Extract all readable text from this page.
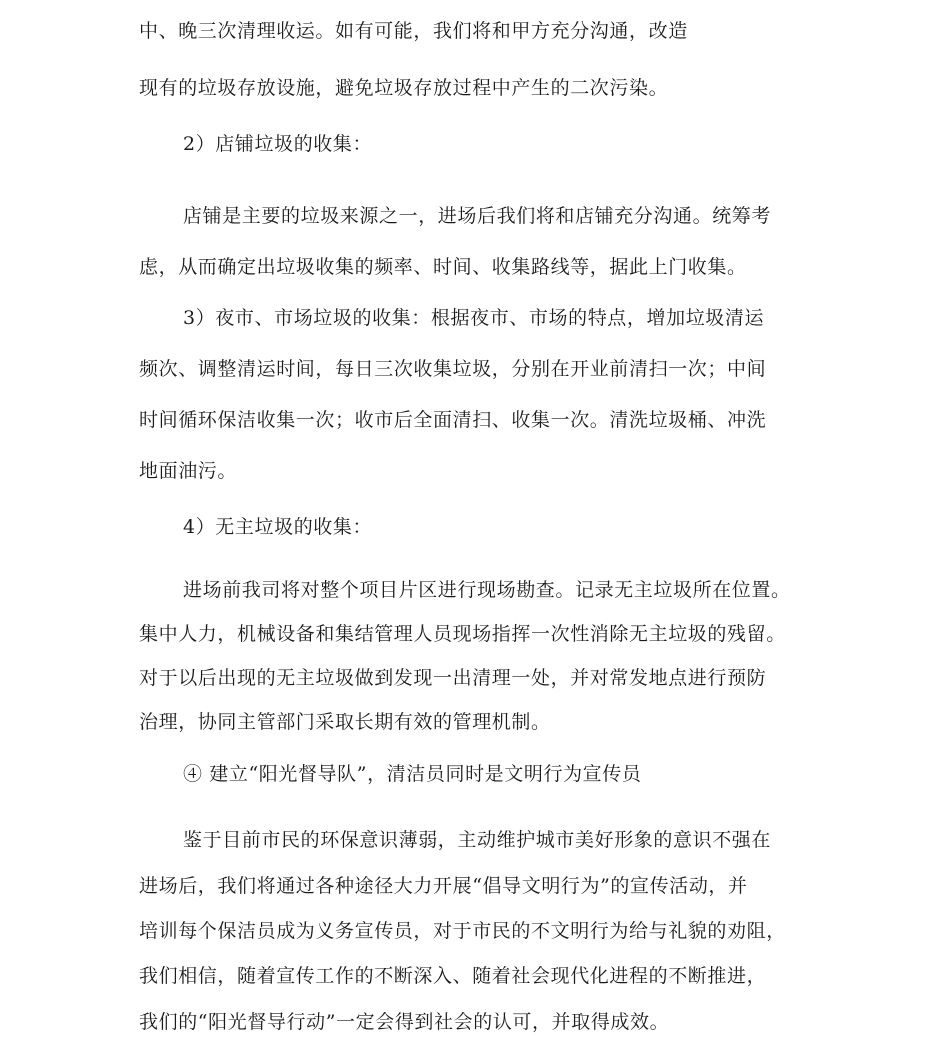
中、晚三次清理收运。如有可能，我们将和甲方充分沟通，改造
现有的垃圾存放设施，避免垃圾存放过程中产生的二次污染。
2）店铺垃圾的收集：
店铺是主要的垃圾来源之一，进场后我们将和店铺充分沟通。统筹考
虑，从而确定出垃圾收集的频率、时间、收集路线等，据此上门收集。
3）夜市、市场垃圾的收集：根据夜市、市场的特点，增加垃圾清运
频次、调整清运时间，每日三次收集垃圾，分别在开业前清扫一次；中间
时间循环保洁收集一次；收市后全面清扫、收集一次。清洗垃圾桶、冲洗
地面油污。
4）无主垃圾的收集：
进场前我司将对整个项目片区进行现场勘查。记录无主垃圾所在位置。
集中人力，机械设备和集结管理人员现场指挥一次性消除无主垃圾的残留。
对于以后出现的无主垃圾做到发现一出清理一处，并对常发地点进行预防
治理，协同主管部门采取长期有效的管理机制。
④ 建立“阳光督导队”，清洁员同时是文明行为宣传员
鉴于目前市民的环保意识薄弱，主动维护城市美好形象的意识不强在
进场后，我们将通过各种途径大力开展“倡导文明行为”的宣传活动，并
培训每个保洁员成为义务宣传员，对于市民的不文明行为给与礼貌的劝阻，
我们相信，随着宣传工作的不断深入、随着社会现代化进程的不断推进，
我们的“阳光督导行动”一定会得到社会的认可，并取得成效。
